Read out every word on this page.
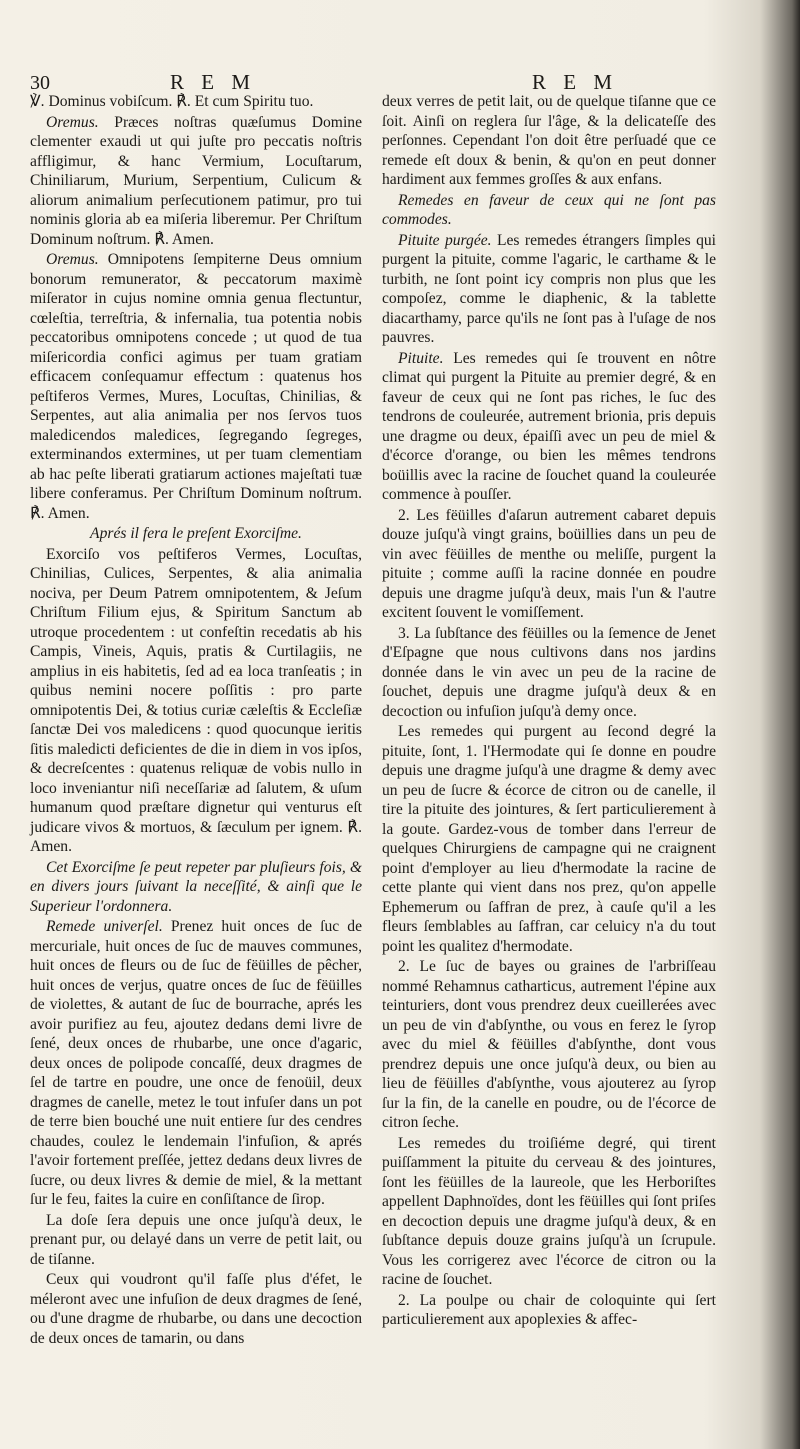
30	R E M	R E M

℣. Dominus vobiſcum. ℟. Et cum Spiritu tuo.

Oremus. Præces noſtras quæſumus Domine clementer exaudi ut qui juſte pro peccatis noſtris affligimur, & hanc Vermium, Locuſtarum, Chiniliarum, Murium, Serpentium, Culicum & aliorum animalium perſecutionem patimur, pro tui nominis gloria ab ea miſeria liberemur. Per Chriſtum Dominum noſtrum. ℟. Amen.

Oremus. Omnipotens ſempiterne Deus omnium bonorum remunerator, & peccatorum maximè miſerator in cujus nomine omnia genua flectuntur, cœleſtia, terreſtria, & infernalia, tua potentia nobis peccatoribus omnipotens concede ; ut quod de tua miſericordia confici agimus per tuam gratiam efficacem conſequamur effectum : quatenus hos peſtiferos Vermes, Mures, Locuſtas, Chinilias, & Serpentes, aut alia animalia per nos ſervos tuos maledicendos maledices, ſegregando ſegreges, exterminandos extermines, ut per tuam clementiam ab hac peſte liberati gratiarum actiones majeſtati tuæ libere conferamus. Per Chriſtum Dominum noſtrum. ℟. Amen.

Aprés il fera le preſent Exorciſme.

Exorciſo vos peſtiferos Vermes, Locuſtas, Chinilias, Culices, Serpentes, & alia animalia nociva, per Deum Patrem omnipotentem, & Jeſum Chriſtum Filium ejus, & Spiritum Sanctum ab utroque procedentem : ut confeſtin recedatis ab his Campis, Vineis, Aquis, pratis & Curtilagiis, ne amplius in eis habitetis, ſed ad ea loca tranſeatis ; in quibus nemini nocere poſſitis : pro parte omnipotentis Dei, & totius curiæ cæleſtis & Eccleſiæ ſanctæ Dei vos maledicens : quod quocunque ieritis ſitis maledicti deficientes de die in diem in vos ipſos, & decreſcentes : quatenus reliquæ de vobis nullo in loco inveniantur niſi neceſſariæ ad ſalutem, & uſum humanum quod præſtare dignetur qui venturus eſt judicare vivos & mortuos, & ſæculum per ignem. ℟. Amen.

Cet Exorciſme ſe peut repeter par pluſieurs fois, & en divers jours ſuivant la neceſſité, & ainſi que le Superieur l'ordonnera.

Remede univerſel. Prenez huit onces de ſuc de mercuriale, huit onces de ſuc de mauves communes, huit onces de fleurs ou de ſuc de fëüilles de pêcher, huit onces de verjus, quatre onces de ſuc de fëüilles de violettes, & autant de ſuc de bourrache, aprés les avoir purifiez au feu, ajoutez dedans demi livre de ſené, deux onces de rhubarbe, une once d'agaric, deux onces de polipode concaſſé, deux dragmes de ſel de tartre en poudre, une once de fenoüil, deux dragmes de canelle, metez le tout infuſer dans un pot de terre bien bouché une nuit entiere ſur des cendres chaudes, coulez le lendemain l'infuſion, & aprés l'avoir fortement preſſée, jettez dedans deux livres de ſucre, ou deux livres & demie de miel, & la mettant ſur le feu, faites la cuire en conſiſtance de ſirop.

La doſe ſera depuis une once juſqu'à deux, le prenant pur, ou delayé dans un verre de petit lait, ou de tiſanne.

Ceux qui voudront qu'il faſſe plus d'éfet, le méleront avec une infuſion de deux dragmes de ſené, ou d'une dragme de rhubarbe, ou dans une decoction de deux onces de tamarin, ou dans

deux verres de petit lait, ou de quelque tiſanne que ce ſoit. Ainſi on reglera ſur l'âge, & la delicateſſe des perſonnes. Cependant l'on doit être perſuadé que ce remede eſt doux & benin, & qu'on en peut donner hardiment aux femmes groſſes & aux enfans.

Remedes en faveur de ceux qui ne ſont pas commodes.

Pituite purgée. Les remedes étrangers ſimples qui purgent la pituite, comme l'agaric, le carthame & le turbith, ne ſont point icy compris non plus que les compoſez, comme le diaphenic, & la tablette diacarthamy, parce qu'ils ne ſont pas à l'uſage de nos pauvres.

Pituite. Les remedes qui ſe trouvent en nôtre climat qui purgent la Pituite au premier degré, & en faveur de ceux qui ne ſont pas riches, le ſuc des tendrons de couleurée, autrement brionia, pris depuis une dragme ou deux, épaiſſi avec un peu de miel & d'écorce d'orange, ou bien les mêmes tendrons boüillis avec la racine de ſouchet quand la couleurée commence à pouſſer.

2. Les fëüilles d'aſarun autrement cabaret depuis douze juſqu'à vingt grains, boüillies dans un peu de vin avec fëüilles de menthe ou meliſſe, purgent la pituite ; comme auſſi la racine donnée en poudre depuis une dragme juſqu'à deux, mais l'un & l'autre excitent ſouvent le vomiſſement.

3. La ſubſtance des fëüilles ou la ſemence de Jenet d'Eſpagne que nous cultivons dans nos jardins donnée dans le vin avec un peu de la racine de ſouchet, depuis une dragme juſqu'à deux & en decoction ou infuſion juſqu'à demy once.

Les remedes qui purgent au ſecond degré la pituite, ſont, 1. l'Hermodate qui ſe donne en poudre depuis une dragme juſqu'à une dragme & demy avec un peu de ſucre & écorce de citron ou de canelle, il tire la pituite des jointures, & ſert particulierement à la goute. Gardez-vous de tomber dans l'erreur de quelques Chirurgiens de campagne qui ne craignent point d'employer au lieu d'hermodate la racine de cette plante qui vient dans nos prez, qu'on appelle Ephemerum ou ſaffran de prez, à cauſe qu'il a les fleurs ſemblables au ſaffran, car celuicy n'a du tout point les qualitez d'hermodate.

2. Le ſuc de bayes ou graines de l'arbriſſeau nommé Rehamnus catharticus, autrement l'épine aux teinturiers, dont vous prendrez deux cueillerées avec un peu de vin d'abſynthe, ou vous en ferez le ſyrop avec du miel & fëüilles d'abſynthe, dont vous prendrez depuis une once juſqu'à deux, ou bien au lieu de fëüilles d'abſynthe, vous ajouterez au ſyrop ſur la fin, de la canelle en poudre, ou de l'écorce de citron ſeche.

Les remedes du troiſiéme degré, qui tirent puiſſamment la pituite du cerveau & des jointures, ſont les fëüilles de la laureole, que les Herboriſtes appellent Daphnoïdes, dont les fëüilles qui ſont priſes en decoction depuis une dragme juſqu'à deux, & en ſubſtance depuis douze grains juſqu'à un ſcrupule. Vous les corrigerez avec l'écorce de citron ou la racine de ſouchet.

2. La poulpe ou chair de coloquinte qui ſert particulierement aux apoplexies & affec-
